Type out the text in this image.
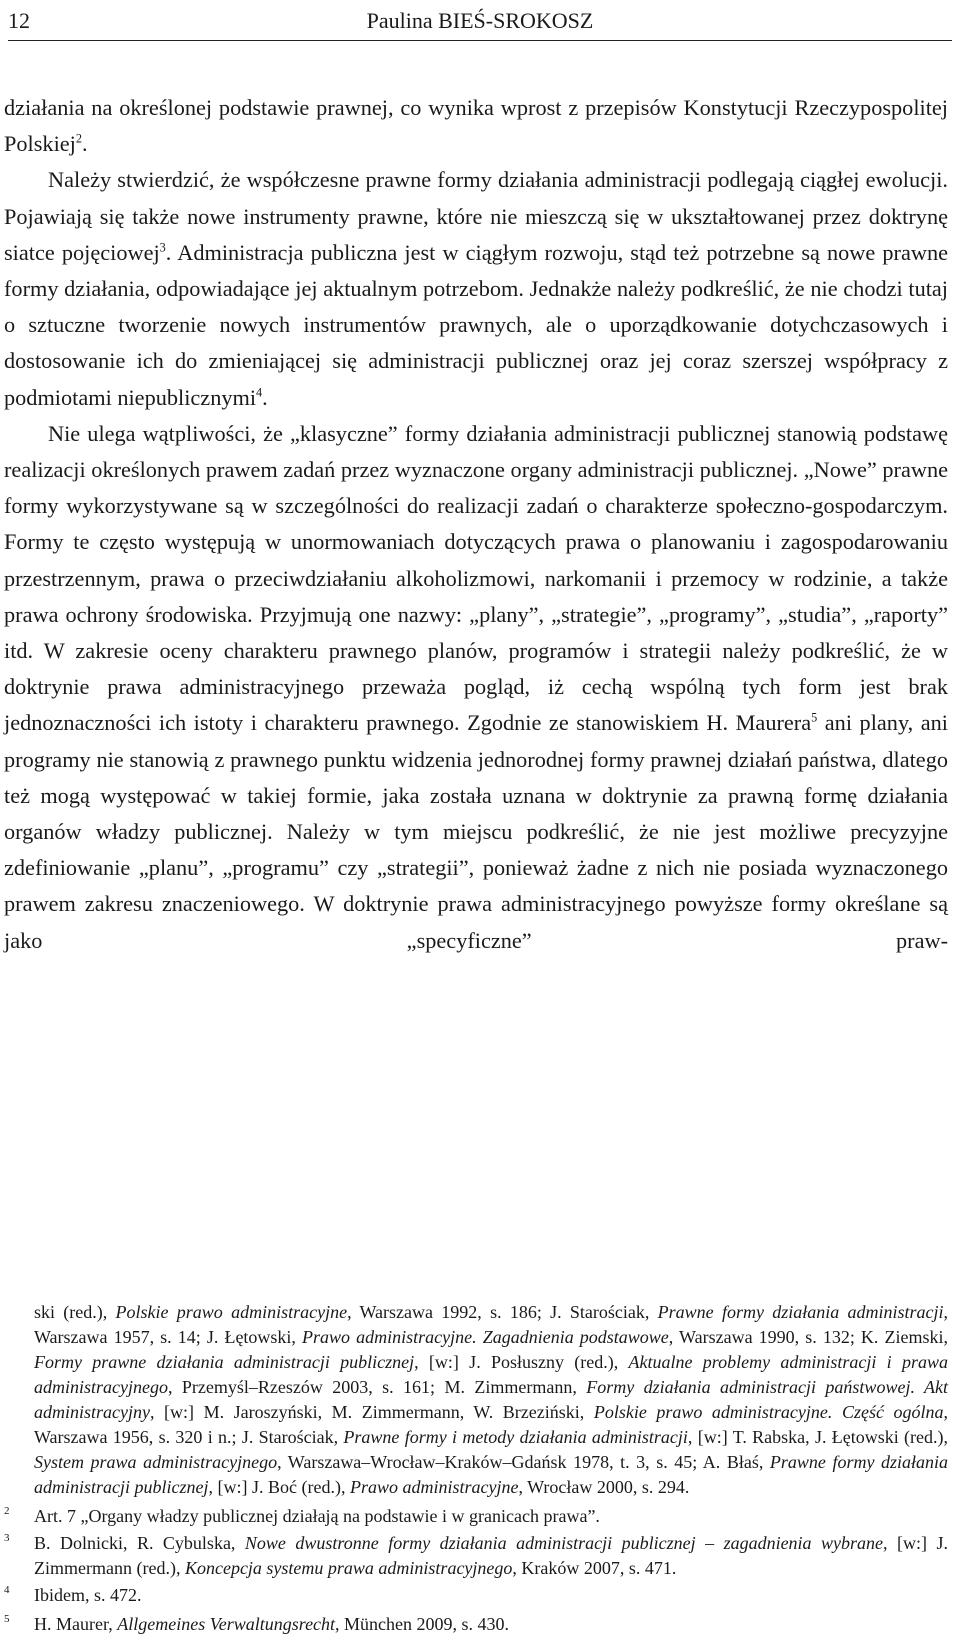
12	Paulina BIEŚ-SROKOSZ

działania na określonej podstawie prawnej, co wynika wprost z przepisów Konstytucji Rzeczypospolitej Polskiej$^2$.

Należy stwierdzić, że współczesne prawne formy działania administracji podlegają ciągłej ewolucji. Pojawiają się także nowe instrumenty prawne, które nie mieszczą się w ukształtowanej przez doktrynę siatce pojęciowej$^3$. Administracja publiczna jest w ciągłym rozwoju, stąd też potrzebne są nowe prawne formy działania, odpowiadające jej aktualnym potrzebom. Jednakże należy podkreślić, że nie chodzi tutaj o sztuczne tworzenie nowych instrumentów prawnych, ale o uporządkowanie dotychczasowych i dostosowanie ich do zmieniającej się administracji publicznej oraz jej coraz szerszej współpracy z podmiotami niepublicznymi$^4$.

Nie ulega wątpliwości, że „klasyczne” formy działania administracji publicznej stanowią podstawę realizacji określonych prawem zadań przez wyznaczone organy administracji publicznej. „Nowe” prawne formy wykorzystywane są w szczególności do realizacji zadań o charakterze społeczno-gospodarczym. Formy te często występują w unormowaniach dotyczących prawa o planowaniu i zagospodarowaniu przestrzennym, prawa o przeciwdziałaniu alkoholizmowi, narkomanii i przemocy w rodzinie, a także prawa ochrony środowiska. Przyjmują one nazwy: „plany”, „strategie”, „programy”, „studia”, „raporty” itd. W zakresie oceny charakteru prawnego planów, programów i strategii należy podkreślić, że w doktrynie prawa administracyjnego przeważa pogląd, iż cechą wspólną tych form jest brak jednoznaczności ich istoty i charakteru prawnego. Zgodnie ze stanowiskiem H. Maurera$^5$ ani plany, ani programy nie stanowią z prawnego punktu widzenia jednorodnej formy prawnej działań państwa, dlatego też mogą występować w takiej formie, jaka została uznana w doktrynie za prawną formę działania organów władzy publicznej. Należy w tym miejscu podkreślić, że nie jest możliwe precyzyjne zdefiniowanie „planu”, „programu” czy „strategii”, ponieważ żadne z nich nie posiada wyznaczonego prawem zakresu znaczeniowego. W doktrynie prawa administracyjnego powyższe formy określane są jako „specyficzne” praw-

ski (red.), Polskie prawo administracyjne, Warszawa 1992, s. 186; J. Starościak, Prawne formy działania administracji, Warszawa 1957, s. 14; J. Łętowski, Prawo administracyjne. Zagadnienia podstawowe, Warszawa 1990, s. 132; K. Ziemski, Formy prawne działania administracji publicznej, [w:] J. Posłuszny (red.), Aktualne problemy administracji i prawa administracyjnego, Przemyśl–Rzeszów 2003, s. 161; M. Zimmermann, Formy działania administracji państwowej. Akt administracyjny, [w:] M. Jaroszyński, M. Zimmermann, W. Brzeziński, Polskie prawo administracyjne. Część ogólna, Warszawa 1956, s. 320 i n.; J. Starościak, Prawne formy i metody działania administracji, [w:] T. Rabska, J. Łętowski (red.), System prawa administracyjnego, Warszawa–Wrocław–Kraków–Gdańsk 1978, t. 3, s. 45; A. Błaś, Prawne formy działania administracji publicznej, [w:] J. Boć (red.), Prawo administracyjne, Wrocław 2000, s. 294.

2 Art. 7 „Organy władzy publicznej działają na podstawie i w granicach prawa”.

3 B. Dolnicki, R. Cybulska, Nowe dwustronne formy działania administracji publicznej – zagadnienia wybrane, [w:] J. Zimmermann (red.), Koncepcja systemu prawa administracyjnego, Kraków 2007, s. 471.

4 Ibidem, s. 472.

5 H. Maurer, Allgemeines Verwaltungsrecht, München 2009, s. 430.
